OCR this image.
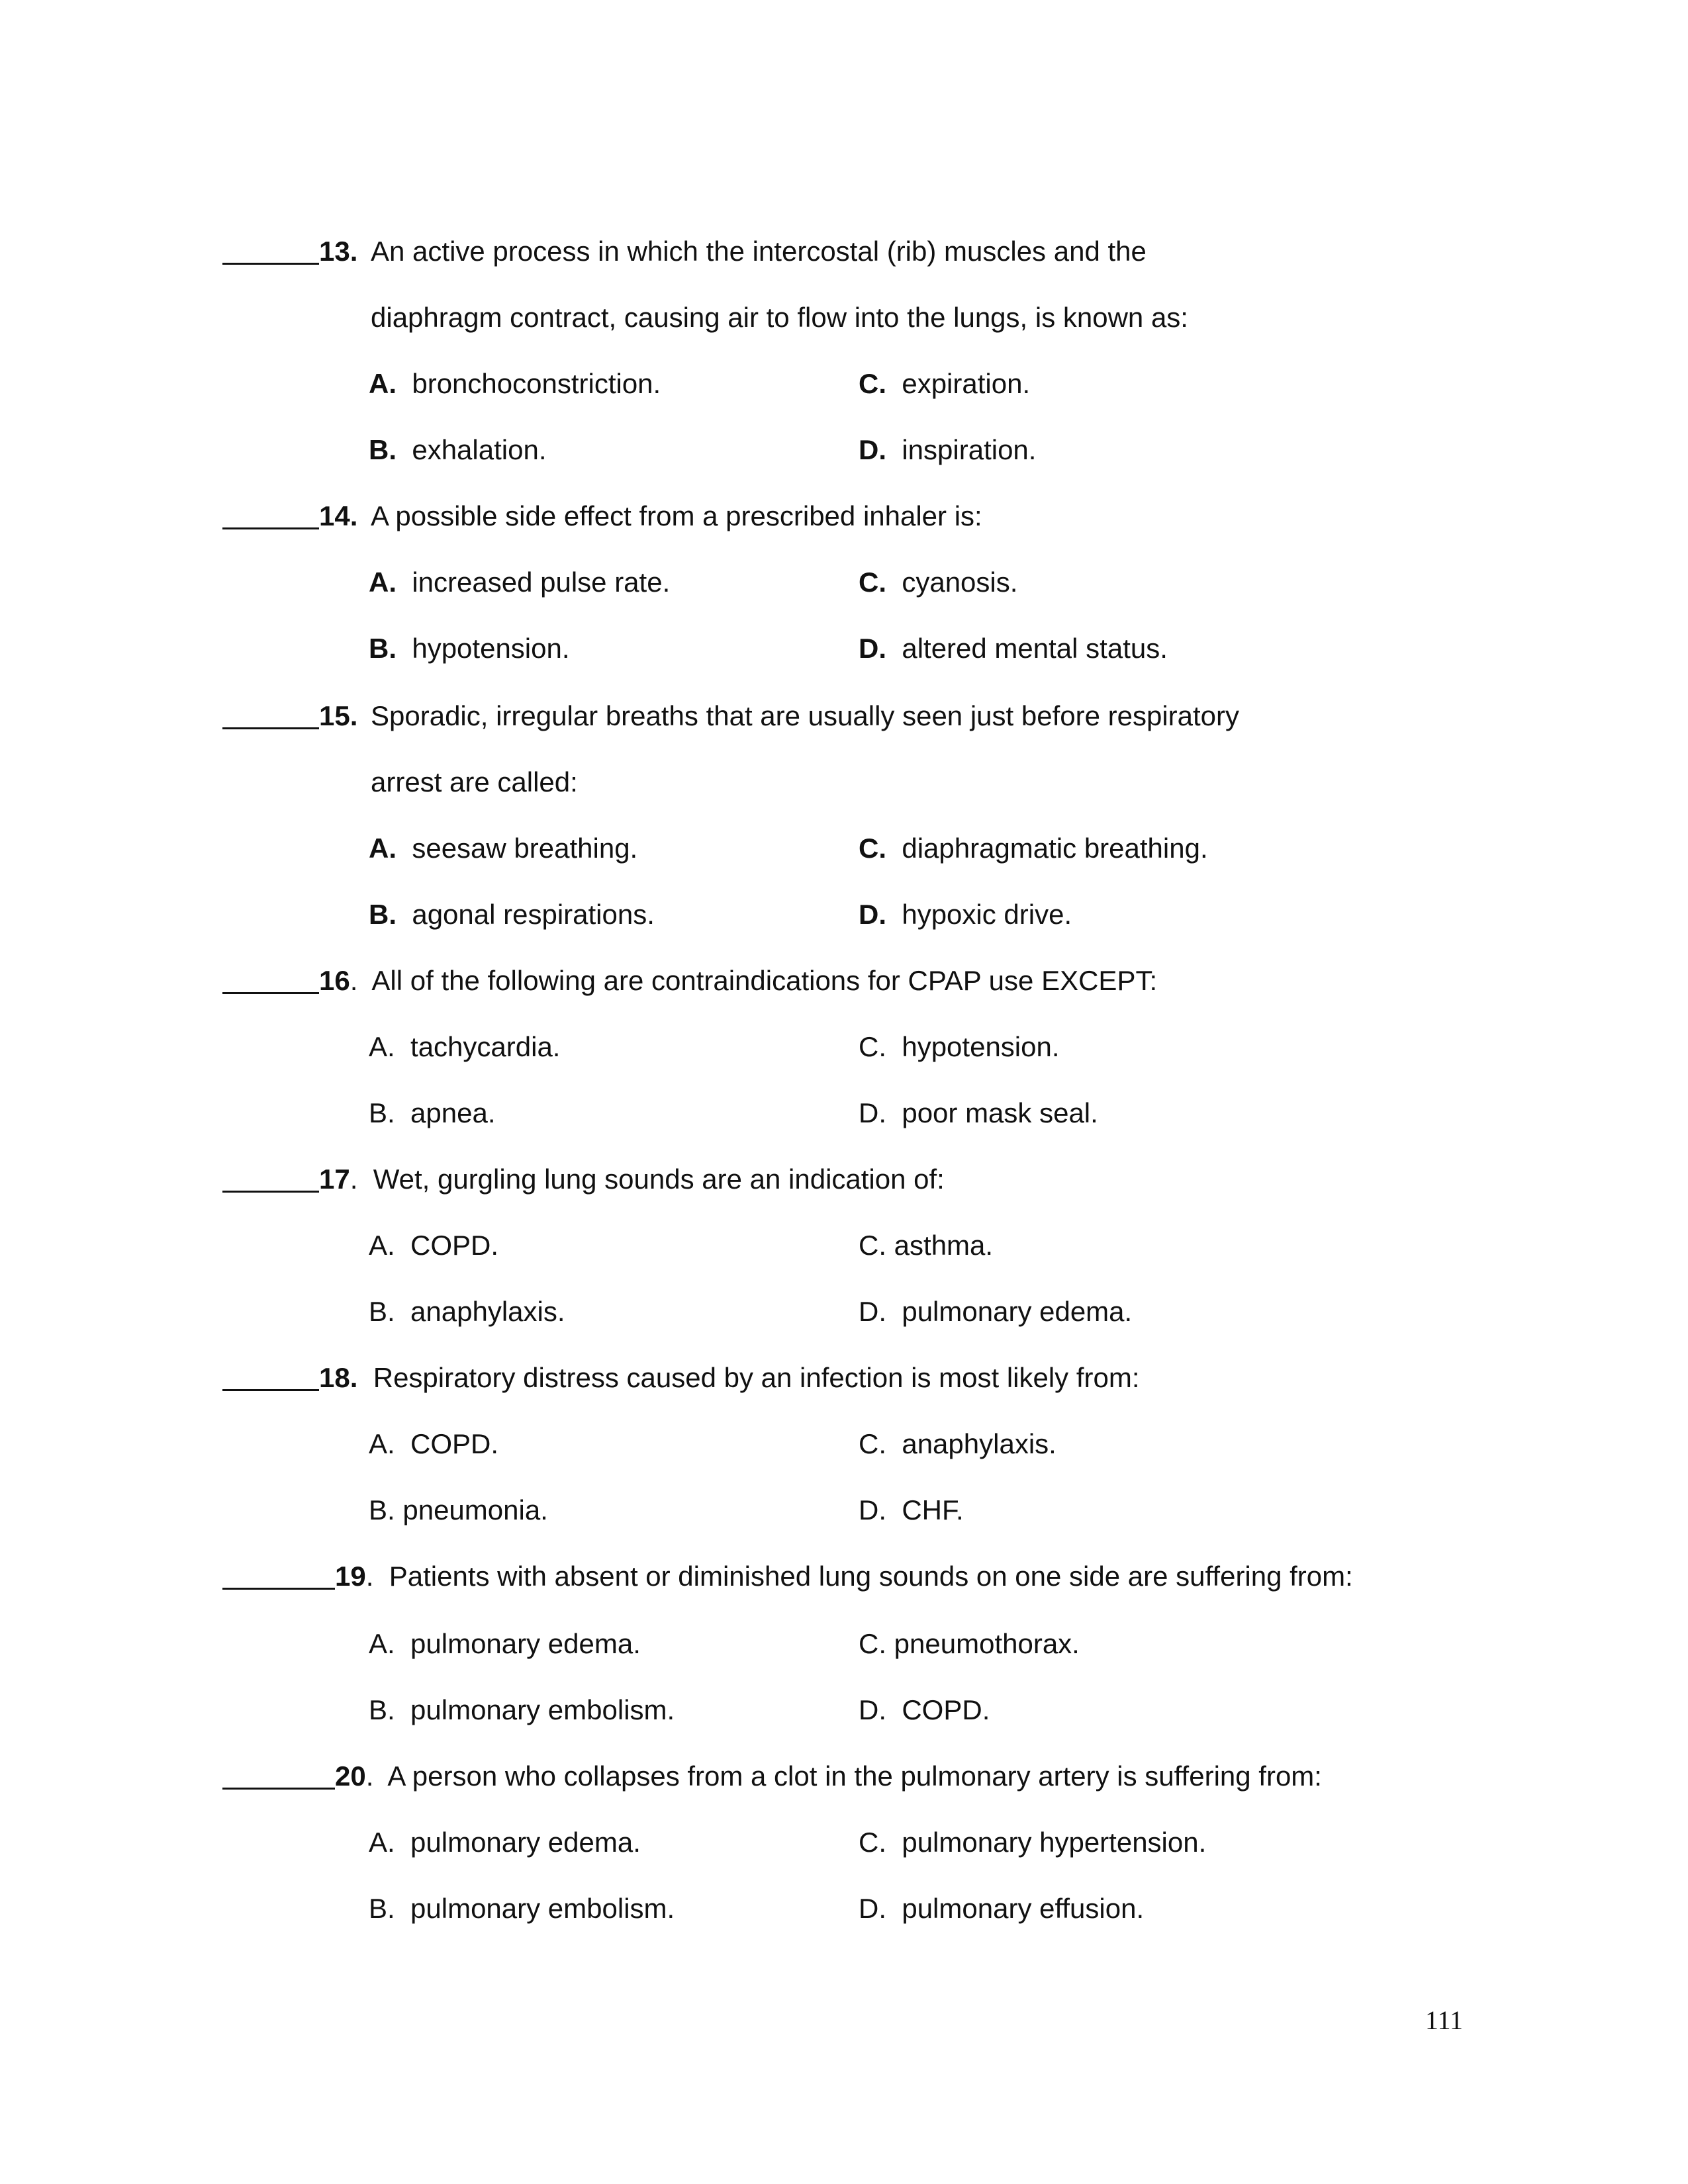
13. An active process in which the intercostal (rib) muscles and the
diaphragm contract, causing air to flow into the lungs, is known as:
A. bronchoconstriction.	C. expiration.
B. exhalation.	D. inspiration.
14. A possible side effect from a prescribed inhaler is:
A. increased pulse rate.	C. cyanosis.
B. hypotension.	D. altered mental status.
15. Sporadic, irregular breaths that are usually seen just before respiratory
arrest are called:
A. seesaw breathing.	C. diaphragmatic breathing.
B. agonal respirations.	D. hypoxic drive.
16.  All of the following are contraindications for CPAP use EXCEPT:
A. tachycardia.	C. hypotension.
B. apnea.	D. poor mask seal.
17.  Wet, gurgling lung sounds are an indication of:
A. COPD.	C. asthma.
B. anaphylaxis.	D. pulmonary edema.
18. Respiratory distress caused by an infection is most likely from:
A. COPD.	C. anaphylaxis.
B. pneumonia.	D. CHF.
19.  Patients with absent or diminished lung sounds on one side are suffering from:
A. pulmonary edema.	C. pneumothorax.
B. pulmonary embolism.	D. COPD.
20.  A person who collapses from a clot in the pulmonary artery is suffering from:
A. pulmonary edema.	C. pulmonary hypertension.
B. pulmonary embolism.	D. pulmonary effusion.
111
